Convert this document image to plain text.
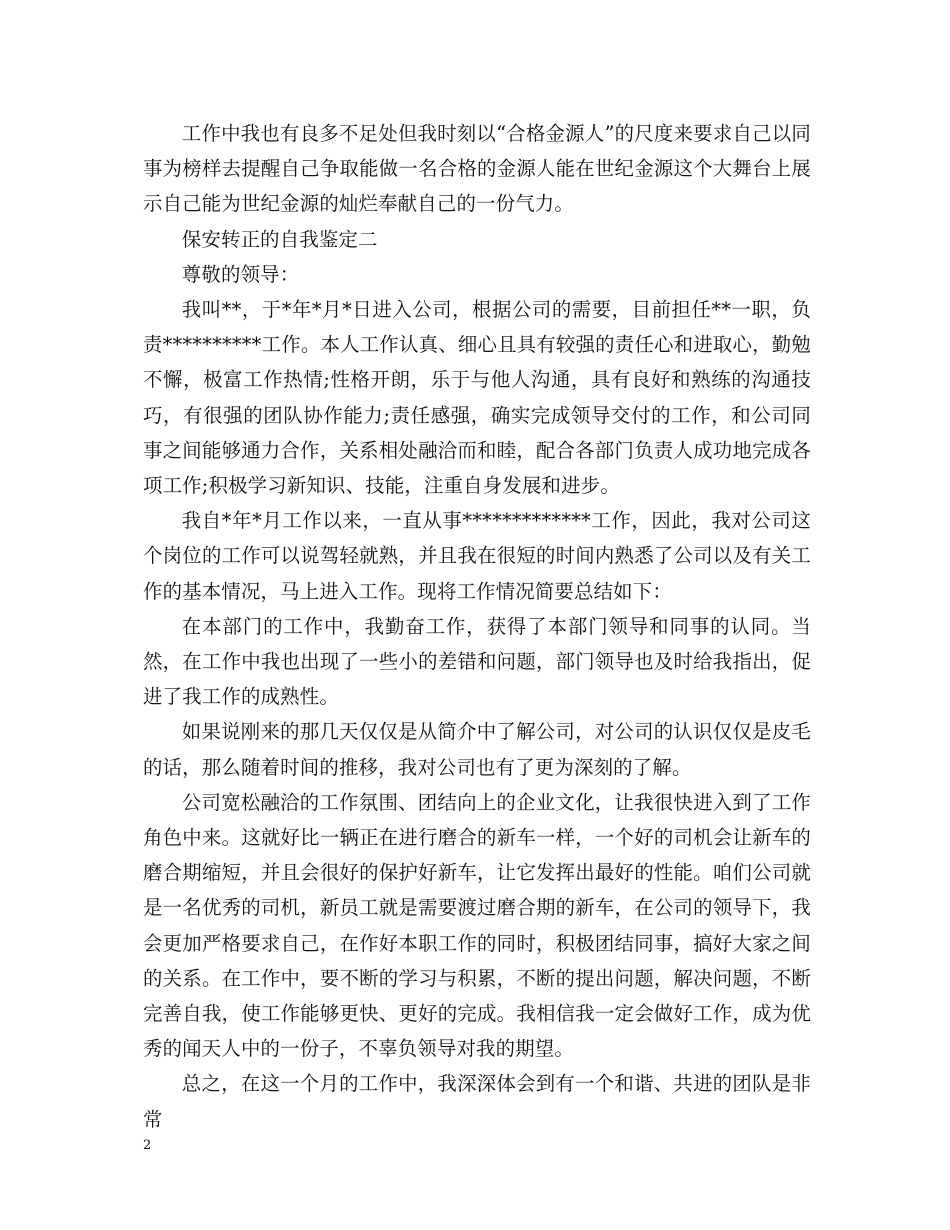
工作中我也有良多不足处但我时刻以“合格金源人”的尺度来要求自己以同事为榜样去提醒自己争取能做一名合格的金源人能在世纪金源这个大舞台上展示自己能为世纪金源的灿烂奉献自己的一份气力。

保安转正的自我鉴定二

尊敬的领导：

我叫**，于*年*月*日进入公司，根据公司的需要，目前担任**一职，负责**********工作。本人工作认真、细心且具有较强的责任心和进取心，勤勉不懈，极富工作热情;性格开朗，乐于与他人沟通，具有良好和熟练的沟通技巧，有很强的团队协作能力;责任感强，确实完成领导交付的工作，和公司同事之间能够通力合作，关系相处融洽而和睦，配合各部门负责人成功地完成各项工作;积极学习新知识、技能，注重自身发展和进步。

我自*年*月工作以来，一直从事*************工作，因此，我对公司这个岗位的工作可以说驾轻就熟，并且我在很短的时间内熟悉了公司以及有关工作的基本情况，马上进入工作。现将工作情况简要总结如下：

在本部门的工作中，我勤奋工作，获得了本部门领导和同事的认同。当然，在工作中我也出现了一些小的差错和问题，部门领导也及时给我指出，促进了我工作的成熟性。

如果说刚来的那几天仅仅是从简介中了解公司，对公司的认识仅仅是皮毛的话，那么随着时间的推移，我对公司也有了更为深刻的了解。

公司宽松融洽的工作氛围、团结向上的企业文化，让我很快进入到了工作角色中来。这就好比一辆正在进行磨合的新车一样，一个好的司机会让新车的磨合期缩短，并且会很好的保护好新车，让它发挥出最好的性能。咱们公司就是一名优秀的司机，新员工就是需要渡过磨合期的新车，在公司的领导下，我会更加严格要求自己，在作好本职工作的同时，积极团结同事，搞好大家之间的关系。在工作中，要不断的学习与积累，不断的提出问题，解决问题，不断完善自我，使工作能够更快、更好的完成。我相信我一定会做好工作，成为优秀的闻天人中的一份子，不辜负领导对我的期望。

总之，在这一个月的工作中，我深深体会到有一个和谐、共进的团队是非常

2
